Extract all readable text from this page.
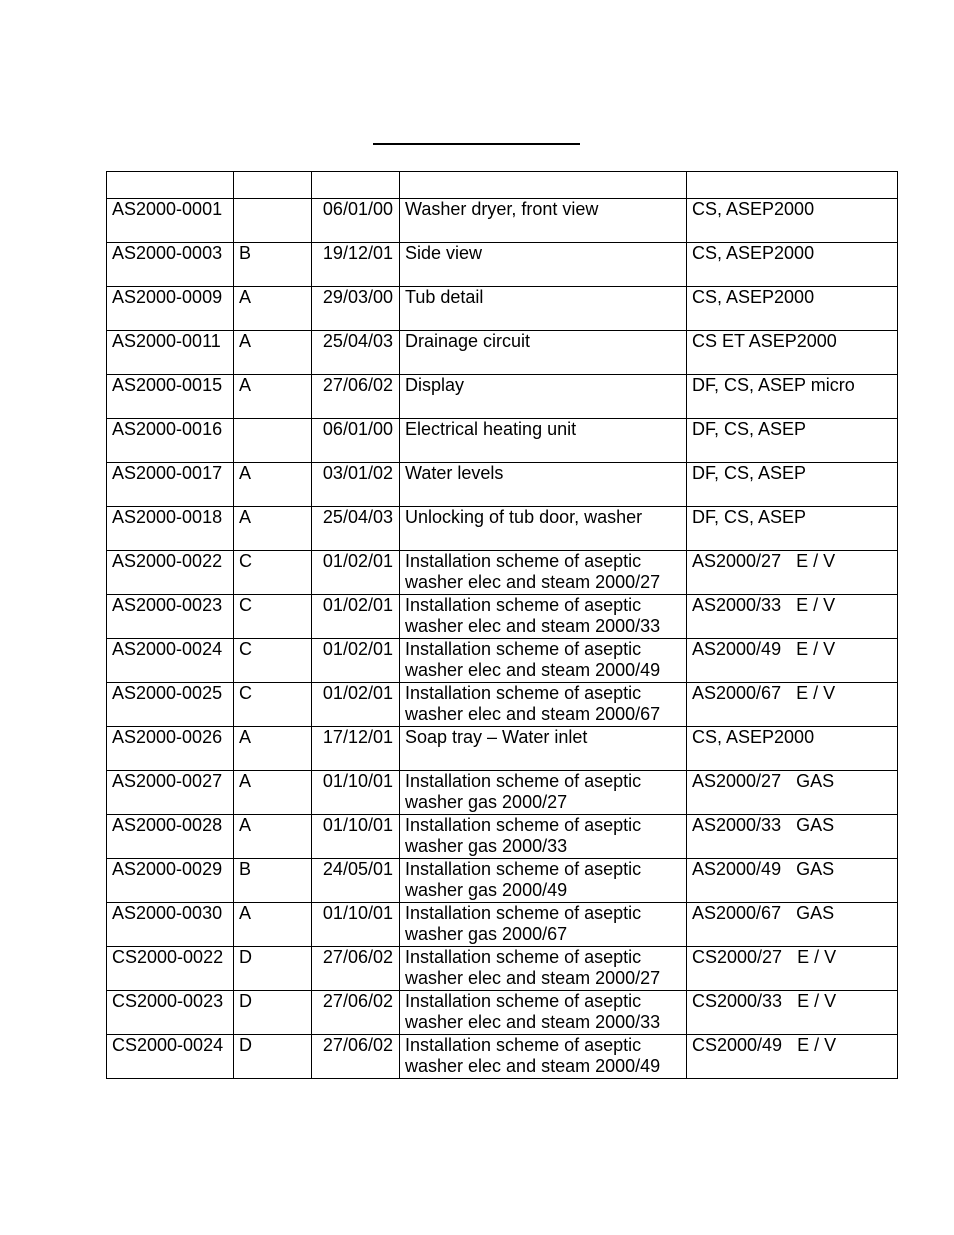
AS2000-0001		06/01/00	Washer dryer, front view	CS, ASEP2000
AS2000-0003	B	19/12/01	Side view	CS, ASEP2000
AS2000-0009	A	29/03/00	Tub detail	CS, ASEP2000
AS2000-0011	A	25/04/03	Drainage circuit	CS ET ASEP2000
AS2000-0015	A	27/06/02	Display	DF, CS, ASEP micro
AS2000-0016		06/01/00	Electrical heating unit	DF, CS, ASEP
AS2000-0017	A	03/01/02	Water levels	DF, CS, ASEP
AS2000-0018	A	25/04/03	Unlocking of tub door, washer	DF, CS, ASEP
AS2000-0022	C	01/02/01	Installation scheme of aseptic washer elec and steam 2000/27	AS2000/27   E / V
AS2000-0023	C	01/02/01	Installation scheme of aseptic washer elec and steam 2000/33	AS2000/33   E / V
AS2000-0024	C	01/02/01	Installation scheme of aseptic washer elec and steam 2000/49	AS2000/49   E / V
AS2000-0025	C	01/02/01	Installation scheme of aseptic washer elec and steam 2000/67	AS2000/67   E / V
AS2000-0026	A	17/12/01	Soap tray – Water inlet	CS, ASEP2000
AS2000-0027	A	01/10/01	Installation scheme of aseptic washer gas 2000/27	AS2000/27   GAS
AS2000-0028	A	01/10/01	Installation scheme of aseptic washer gas 2000/33	AS2000/33   GAS
AS2000-0029	B	24/05/01	Installation scheme of aseptic washer gas 2000/49	AS2000/49   GAS
AS2000-0030	A	01/10/01	Installation scheme of aseptic washer gas 2000/67	AS2000/67   GAS
CS2000-0022	D	27/06/02	Installation scheme of aseptic washer elec and steam 2000/27	CS2000/27   E / V
CS2000-0023	D	27/06/02	Installation scheme of aseptic washer elec and steam 2000/33	CS2000/33   E / V
CS2000-0024	D	27/06/02	Installation scheme of aseptic washer elec and steam 2000/49	CS2000/49   E / V
